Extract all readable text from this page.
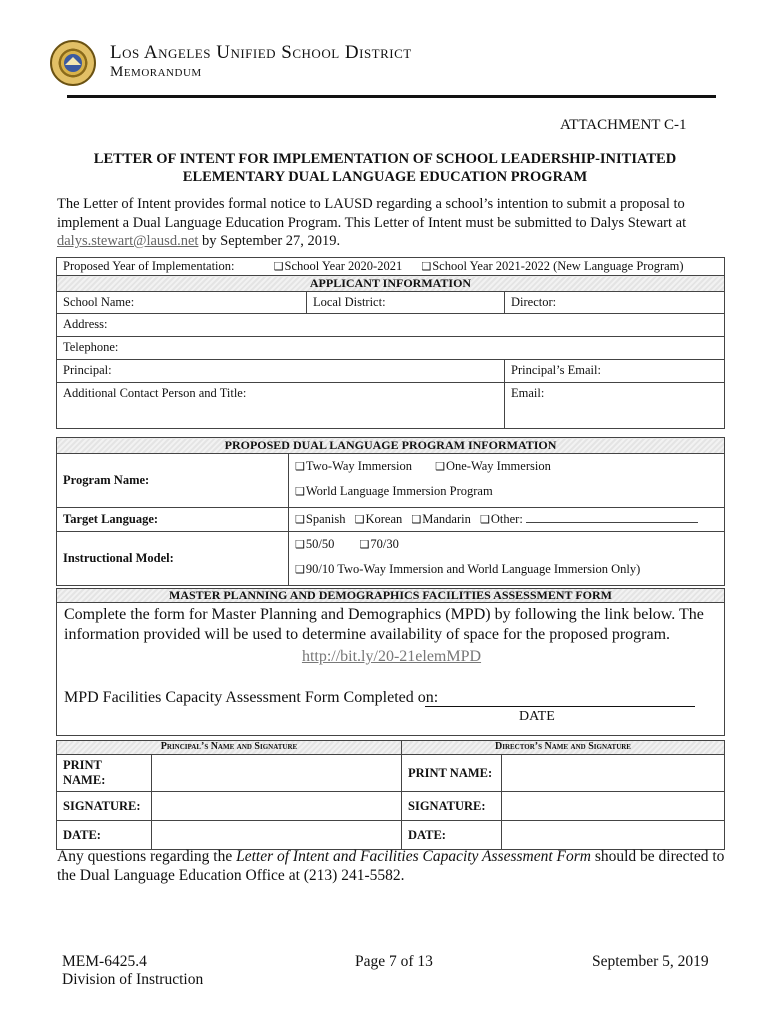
Los Angeles Unified School District
Memorandum
ATTACHMENT C-1
LETTER OF INTENT FOR IMPLEMENTATION OF SCHOOL LEADERSHIP-INITIATED
ELEMENTARY DUAL LANGUAGE EDUCATION PROGRAM
The Letter of Intent provides formal notice to LAUSD regarding a school’s intention to submit a proposal to
implement a Dual Language Education Program. This Letter of Intent must be submitted to Dalys Stewart at
dalys.stewart@lausd.net by September 27, 2019.
Proposed Year of Implementation: ❑ School Year 2020-2021 ❑ School Year 2021-2022 (New Language Program)
APPLICANT INFORMATION		
School Name:	Local District:	Director:
Address:		
Telephone:		
Principal:		Principal’s Email:
Additional Contact Person and Title:		Email:
PROPOSED DUAL LANGUAGE PROGRAM INFORMATION	
Program Name:	❑ Two-Way Immersion ❑ One-Way Immersion
❑ World Language Immersion Program
Target Language:	❑ Spanish ❑ Korean ❑ Mandarin ❑ Other:
Instructional Model:	❑ 50/50 ❑ 70/30
❑ 90/10 Two-Way Immersion and World Language Immersion Only)
MASTER PLANNING AND DEMOGRAPHICS FACILITIES ASSESSMENT FORM
Complete the form for Master Planning and Demographics (MPD) by following the link below. The
information provided will be used to determine availability of space for the proposed program.
http://bit.ly/20-21elemMPD
MPD Facilities Capacity Assessment Form Completed on:
DATE
Principal’s Name and Signature		Director’s Name and Signature	
PRINT NAME:		PRINT NAME:	
SIGNATURE:		SIGNATURE:	
DATE:		DATE:	
Any questions regarding the Letter of Intent and Facilities Capacity Assessment Form should be directed to
the Dual Language Education Office at (213) 241-5582.
MEM-6425.4
Division of Instruction
Page 7 of 13	September 5, 2019
